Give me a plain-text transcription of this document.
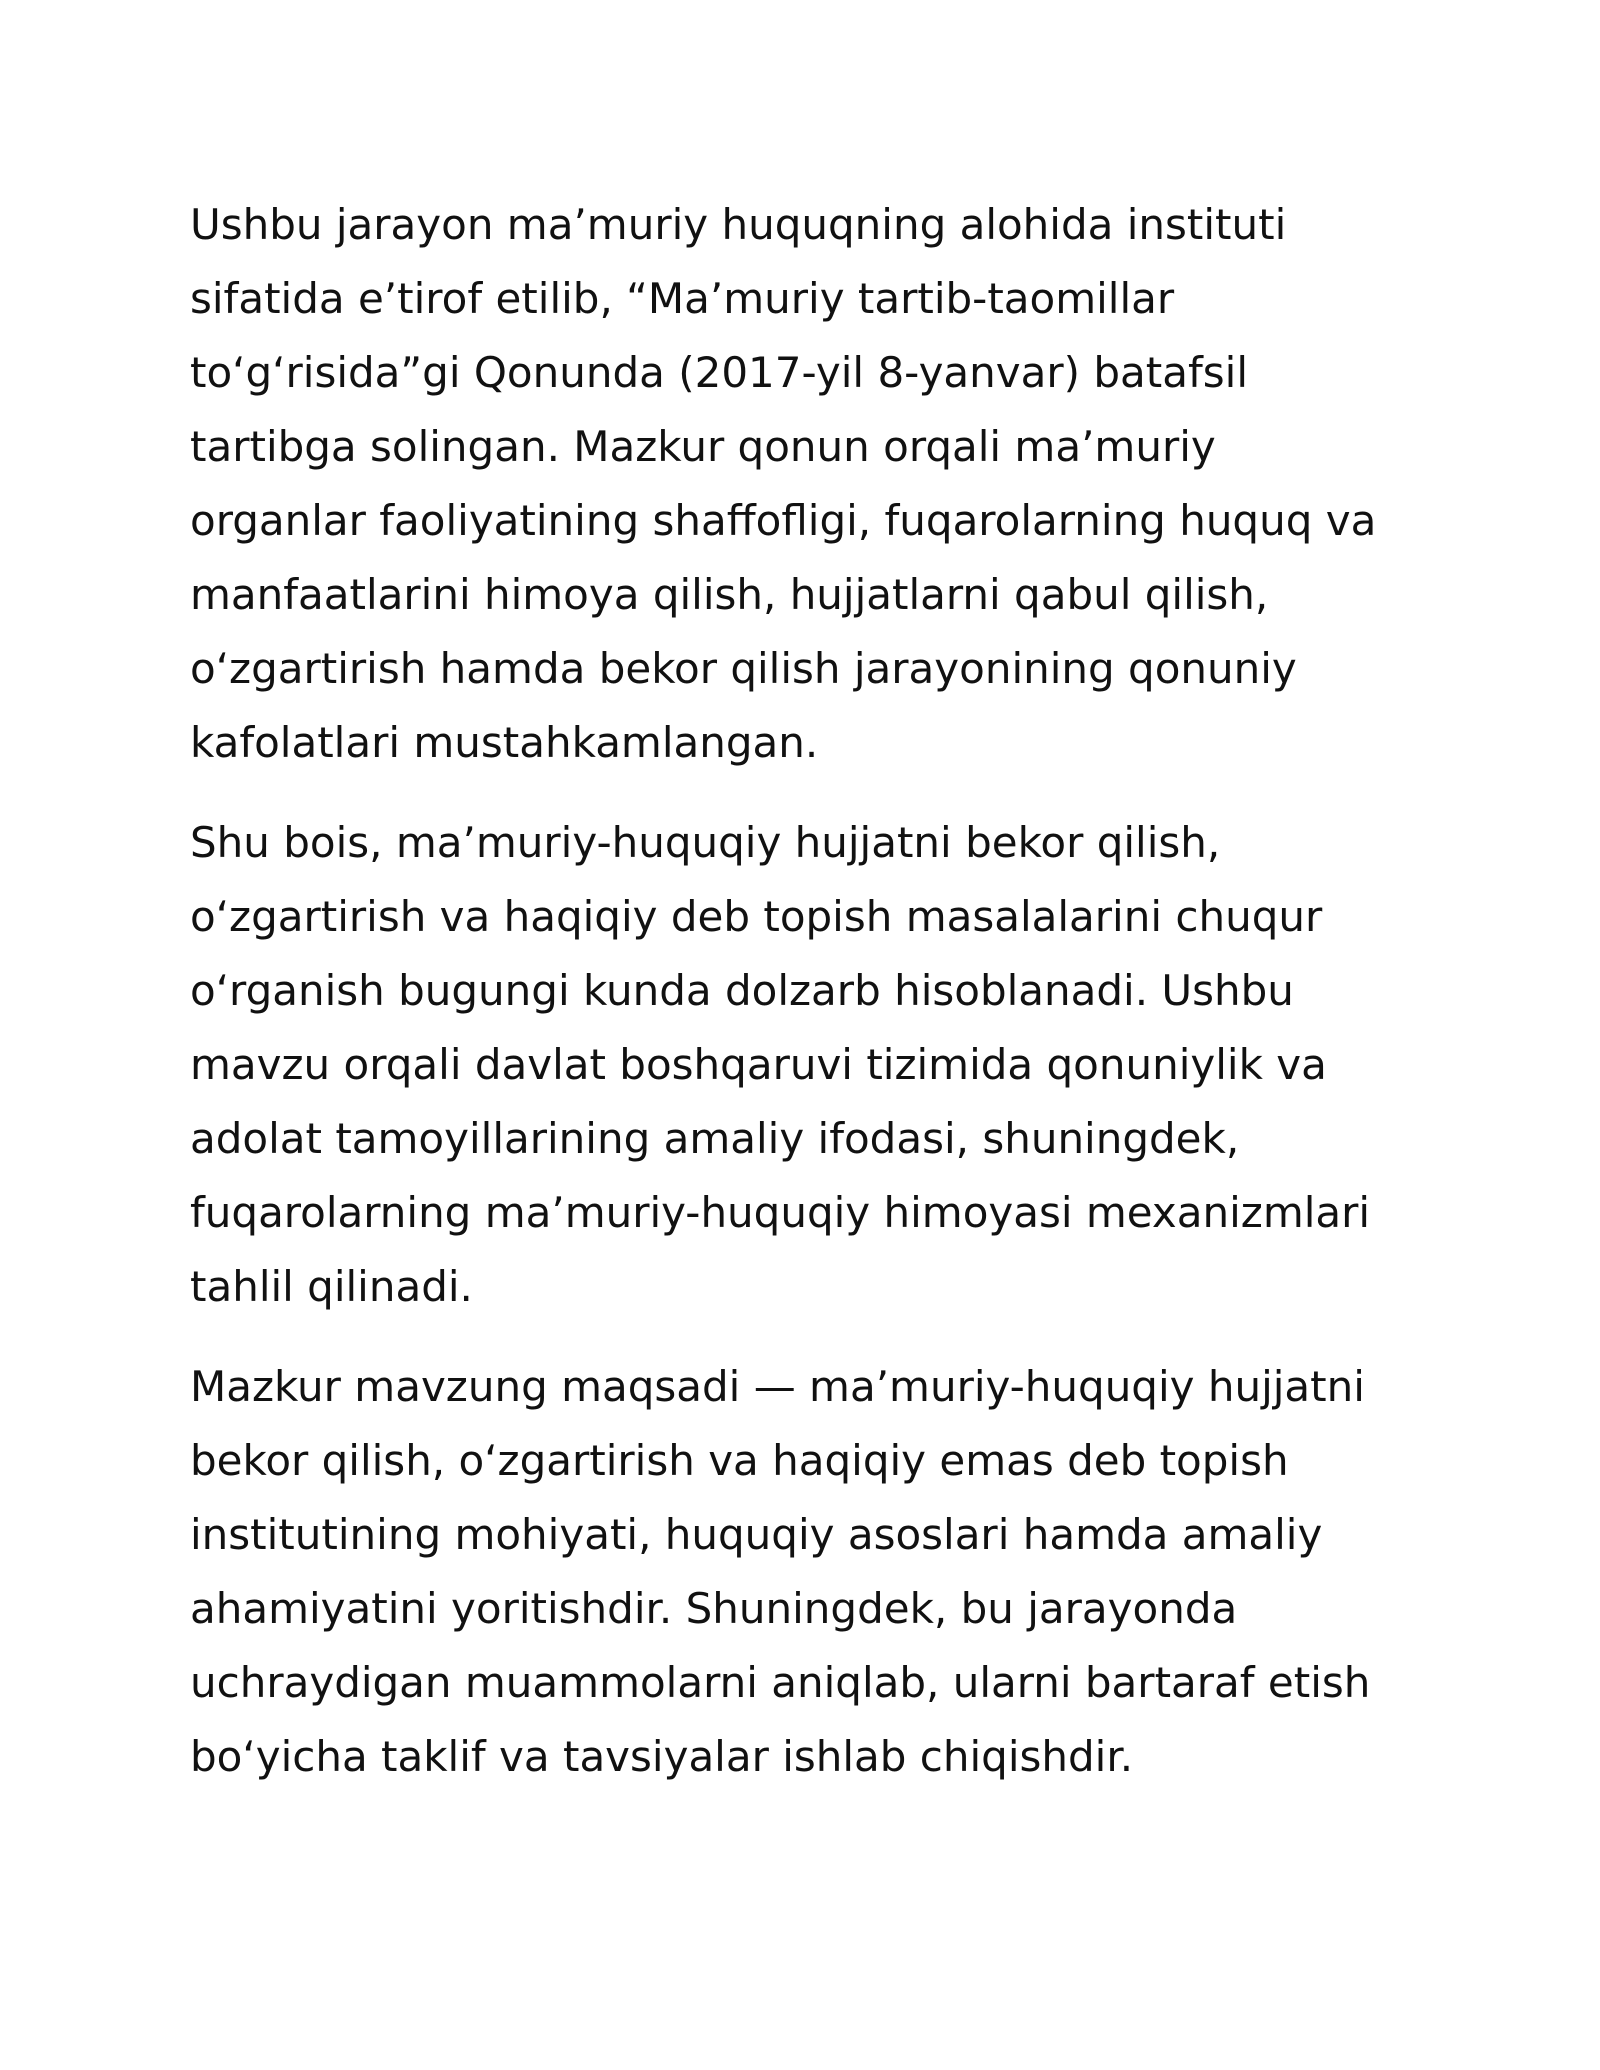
Ushbu jarayon ma’muriy huquqning alohida instituti
sifatida e’tirof etilib, “Ma’muriy tartib-taomillar
to‘g‘risida”gi Qonunda (2017-yil 8-yanvar) batafsil
tartibga solingan. Mazkur qonun orqali ma’muriy
organlar faoliyatining shaffofligi, fuqarolarning huquq va
manfaatlarini himoya qilish, hujjatlarni qabul qilish,
o‘zgartirish hamda bekor qilish jarayonining qonuniy
kafolatlari mustahkamlangan.

Shu bois, ma’muriy-huquqiy hujjatni bekor qilish,
o‘zgartirish va haqiqiy deb topish masalalarini chuqur
o‘rganish bugungi kunda dolzarb hisoblanadi. Ushbu
mavzu orqali davlat boshqaruvi tizimida qonuniylik va
adolat tamoyillarining amaliy ifodasi, shuningdek,
fuqarolarning ma’muriy-huquqiy himoyasi mexanizmlari
tahlil qilinadi.

Mazkur mavzung maqsadi — ma’muriy-huquqiy hujjatni
bekor qilish, o‘zgartirish va haqiqiy emas deb topish
institutining mohiyati, huquqiy asoslari hamda amaliy
ahamiyatini yoritishdir. Shuningdek, bu jarayonda
uchraydigan muammolarni aniqlab, ularni bartaraf etish
bo‘yicha taklif va tavsiyalar ishlab chiqishdir.
